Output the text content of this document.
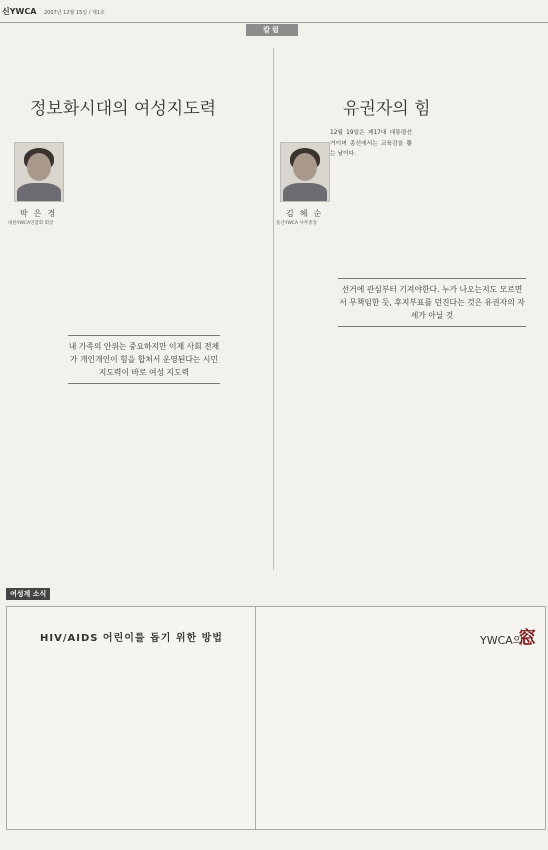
신YWCA 2007년 12월 15일 / 제1호
칼럼
정보화시대의 여성지도력
박은경
대한YWCA연합회 회장

내 가족의 안위는 중요하지만 이제 사회 전체가 개인개인이 힘을 합쳐서 운영된다는 시민 지도력이 바로 여성 지도력
유권자의 힘
김혜순
울산YWCA 사무총장
12월 19일은 제17대 대통령선거이며 총선에서는 교육감을 뽑는 날이다.

선거에 관심부터 기져야한다. 누가 나오는지도 모르면서 무책임한 듯, 후지부표를 던진다는 것은 유권자의 자세가 아닐 것
여성계 소식
HIV/AIDS 어린이를 돕기 위한 방법

	YWCA의
窓
